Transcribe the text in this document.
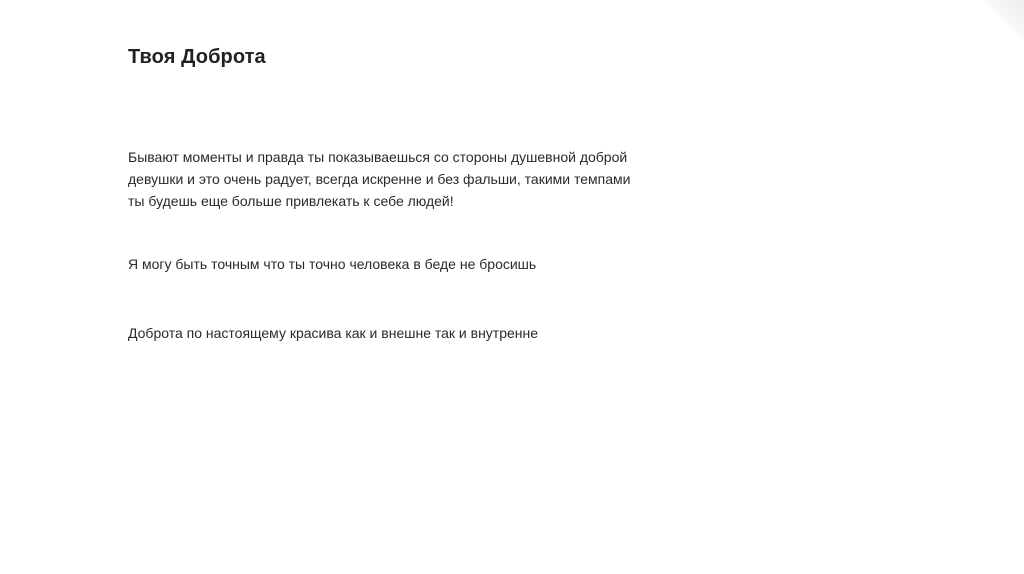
Твоя Доброта

Бывают моменты и правда ты показываешься со стороны душевной доброй девушки и это очень радует, всегда искренне и без фальши, такими темпами ты будешь еще больше привлекать к себе людей!

Я могу быть точным что ты точно человека в беде не бросишь

Доброта по настоящему красива как и внешне так и внутренне
